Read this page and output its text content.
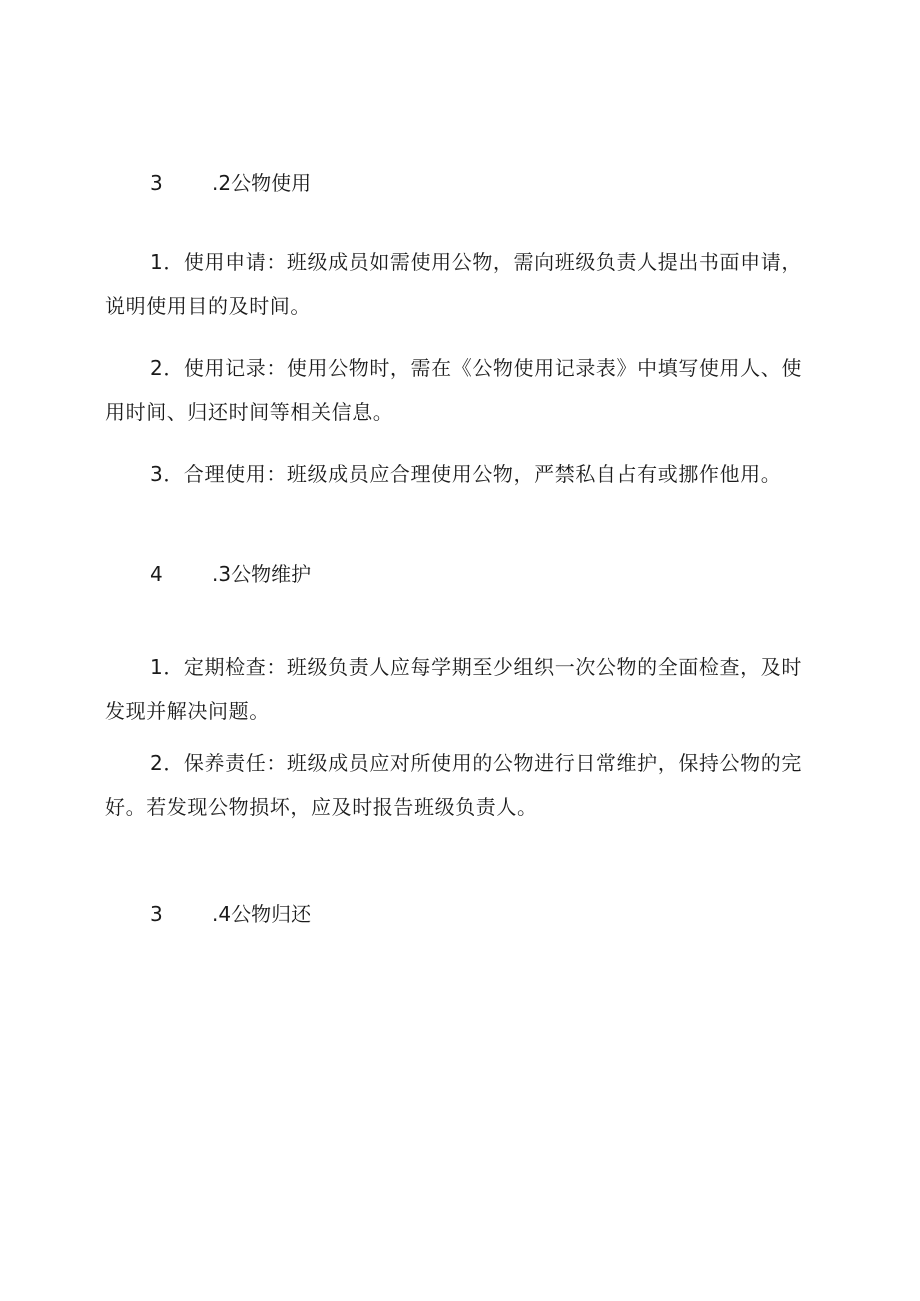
3 .2公物使用

1．使用申请：班级成员如需使用公物，需向班级负责人提出书面申请，说明使用目的及时间。

2．使用记录：使用公物时，需在《公物使用记录表》中填写使用人、使用时间、归还时间等相关信息。

3．合理使用：班级成员应合理使用公物，严禁私自占有或挪作他用。

4 .3公物维护

1．定期检查：班级负责人应每学期至少组织一次公物的全面检查，及时发现并解决问题。

2．保养责任：班级成员应对所使用的公物进行日常维护，保持公物的完好。若发现公物损坏，应及时报告班级负责人。

3 .4公物归还
